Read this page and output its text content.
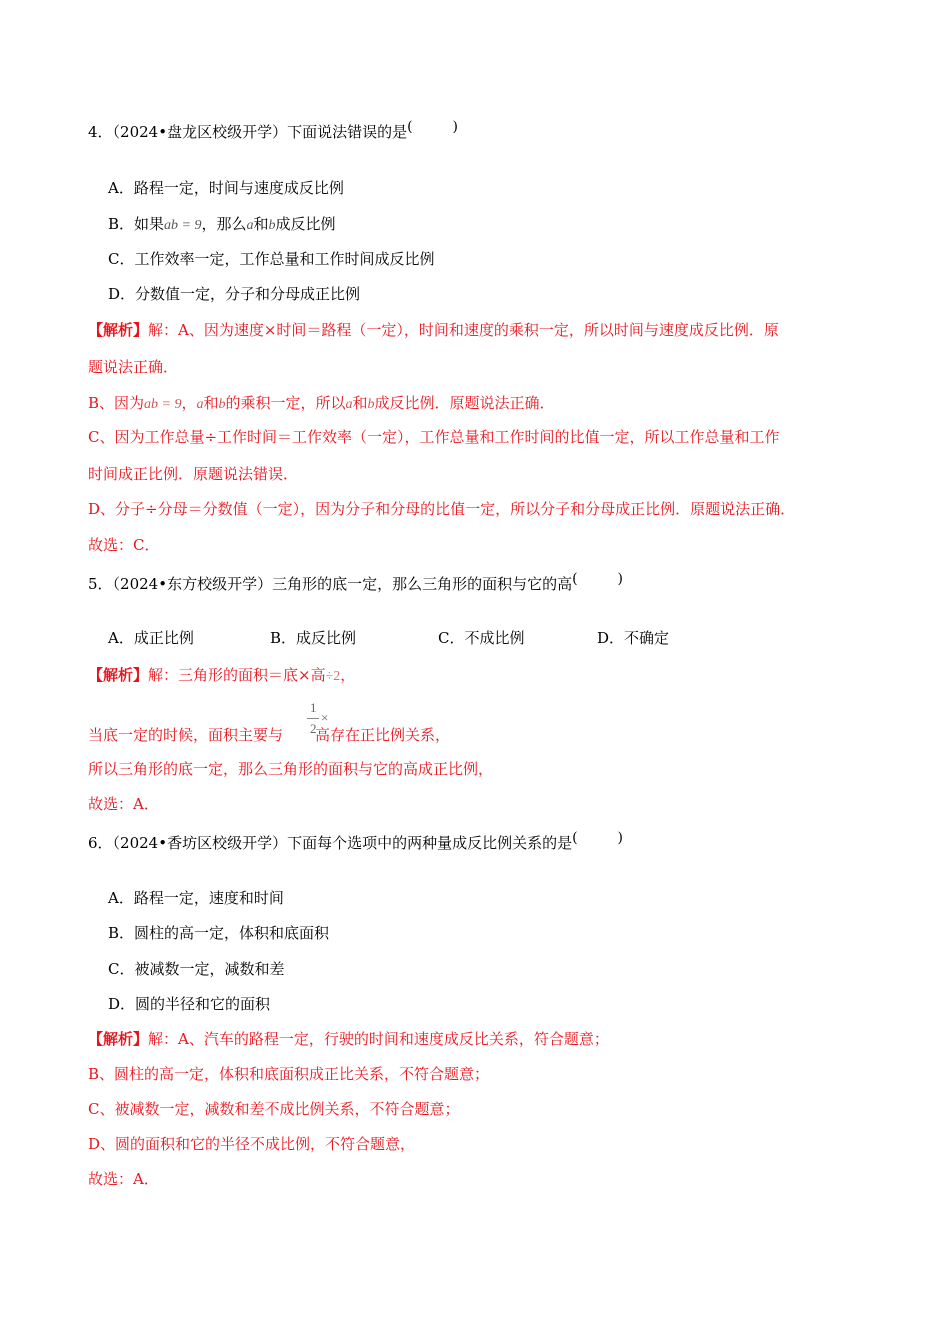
4．（2024•盘龙区校级开学）下面说法错误的是(	)
A．路程一定，时间与速度成反比例
B．如果ab = 9，那么a和b成反比例
C．工作效率一定，工作总量和工作时间成反比例
D．分数值一定，分子和分母成正比例
【解析】解：A、因为速度×时间＝路程（一定），时间和速度的乘积一定，所以时间与速度成反比例．原
题说法正确．
B、因为ab = 9，a和b的乘积一定，所以a和b成反比例．原题说法正确．
C、因为工作总量÷工作时间＝工作效率（一定），工作总量和工作时间的比值一定，所以工作总量和工作
时间成正比例．原题说法错误．
D、分子÷分母＝分数值（一定），因为分子和分母的比值一定，所以分子和分母成正比例．原题说法正确．
故选：C．
5．（2024•东方校级开学）三角形的底一定，那么三角形的面积与它的高(	)
A．成正比例	B．成反比例	C．不成比例	D．不确定
【解析】解：三角形的面积＝底×高÷2，
1
2
×
当底一定的时候，面积主要与 高存在正比例关系，
所以三角形的底一定，那么三角形的面积与它的高成正比例，
故选：A．
6．（2024•香坊区校级开学）下面每个选项中的两种量成反比例关系的是(	)
A．路程一定，速度和时间
B．圆柱的高一定，体积和底面积
C．被减数一定，减数和差
D．圆的半径和它的面积
【解析】解：A、汽车的路程一定，行驶的时间和速度成反比关系，符合题意；
B、圆柱的高一定，体积和底面积成正比关系，不符合题意；
C、被减数一定，减数和差不成比例关系，不符合题意；
D、圆的面积和它的半径不成比例，不符合题意，
故选：A．
